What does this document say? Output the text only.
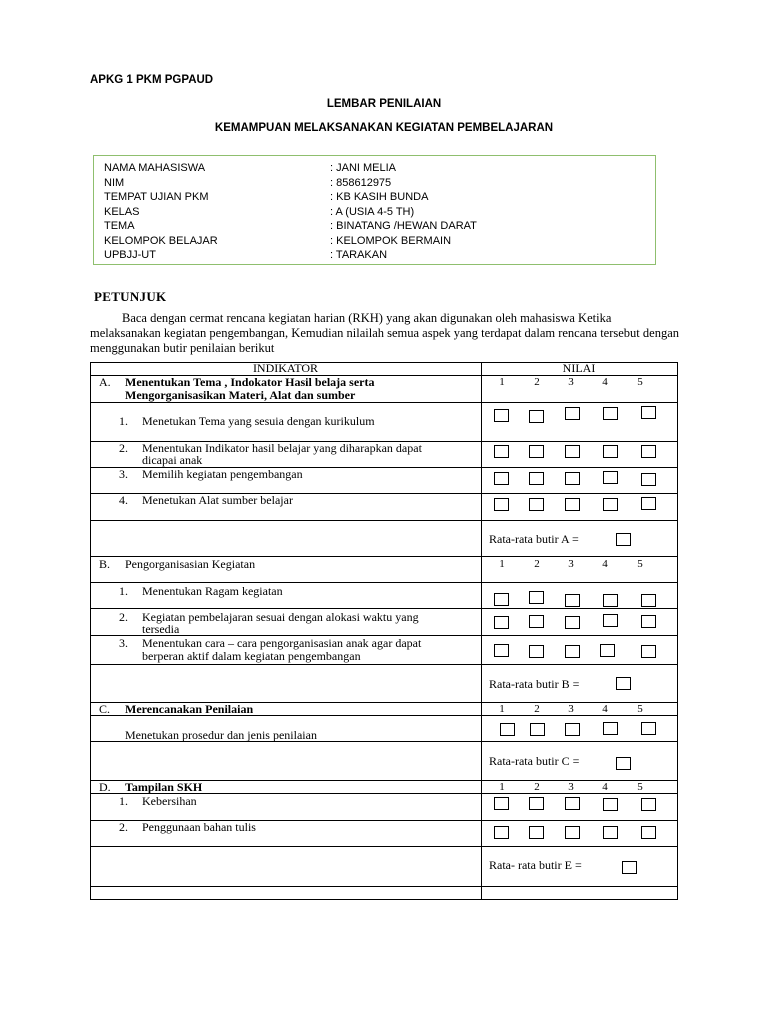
APKG 1 PKM PGPAUD
LEMBAR PENILAIAN
KEMAMPUAN MELAKSANAKAN KEGIATAN PEMBELAJARAN
NAMA MAHASISWA	: JANI MELIA
NIM	: 858612975
TEMPAT UJIAN PKM	: KB KASIH BUNDA
KELAS	: A (USIA 4-5 TH)
TEMA	: BINATANG /HEWAN DARAT
KELOMPOK BELAJAR	: KELOMPOK BERMAIN
UPBJJ-UT	: TARAKAN
PETUNJUK
Baca dengan cermat rencana kegiatan harian (RKH) yang akan digunakan oleh mahasiswa Ketika melaksanakan kegiatan pengembangan, Kemudian nilailah semua aspek yang terdapat dalam rencana tersebut dengan menggunakan butir penilaian berikut
INDIKATOR	NILAI
A. Menentukan Tema , Indokator Hasil belaja serta
Mengorganisasikan Materi, Alat dan sumber
1	2	3	4	5
1. Menetukan Tema yang sesuia dengan kurikulum
2. Menentukan Indikator hasil belajar yang diharapkan dapat
dicapai anak
3. Memilih kegiatan pengembangan
4. Menetukan Alat sumber belajar
Rata-rata butir A =
B. Pengorganisasian Kegiatan	1	2	3	4	5
1. Menentukan Ragam kegiatan
2. Kegiatan pembelajaran sesuai dengan alokasi waktu yang
tersedia
3. Menentukan cara – cara pengorganisasian anak agar dapat
berperan aktif dalam kegiatan pengembangan
Rata-rata butir B =
C. Merencanakan Penilaian	1	2	3	4	5
Menetukan prosedur dan jenis penilaian
Rata-rata butir C =
D. Tampilan SKH	1	2	3	4	5
1. Kebersihan
2. Penggunaan bahan tulis
Rata- rata butir E =
